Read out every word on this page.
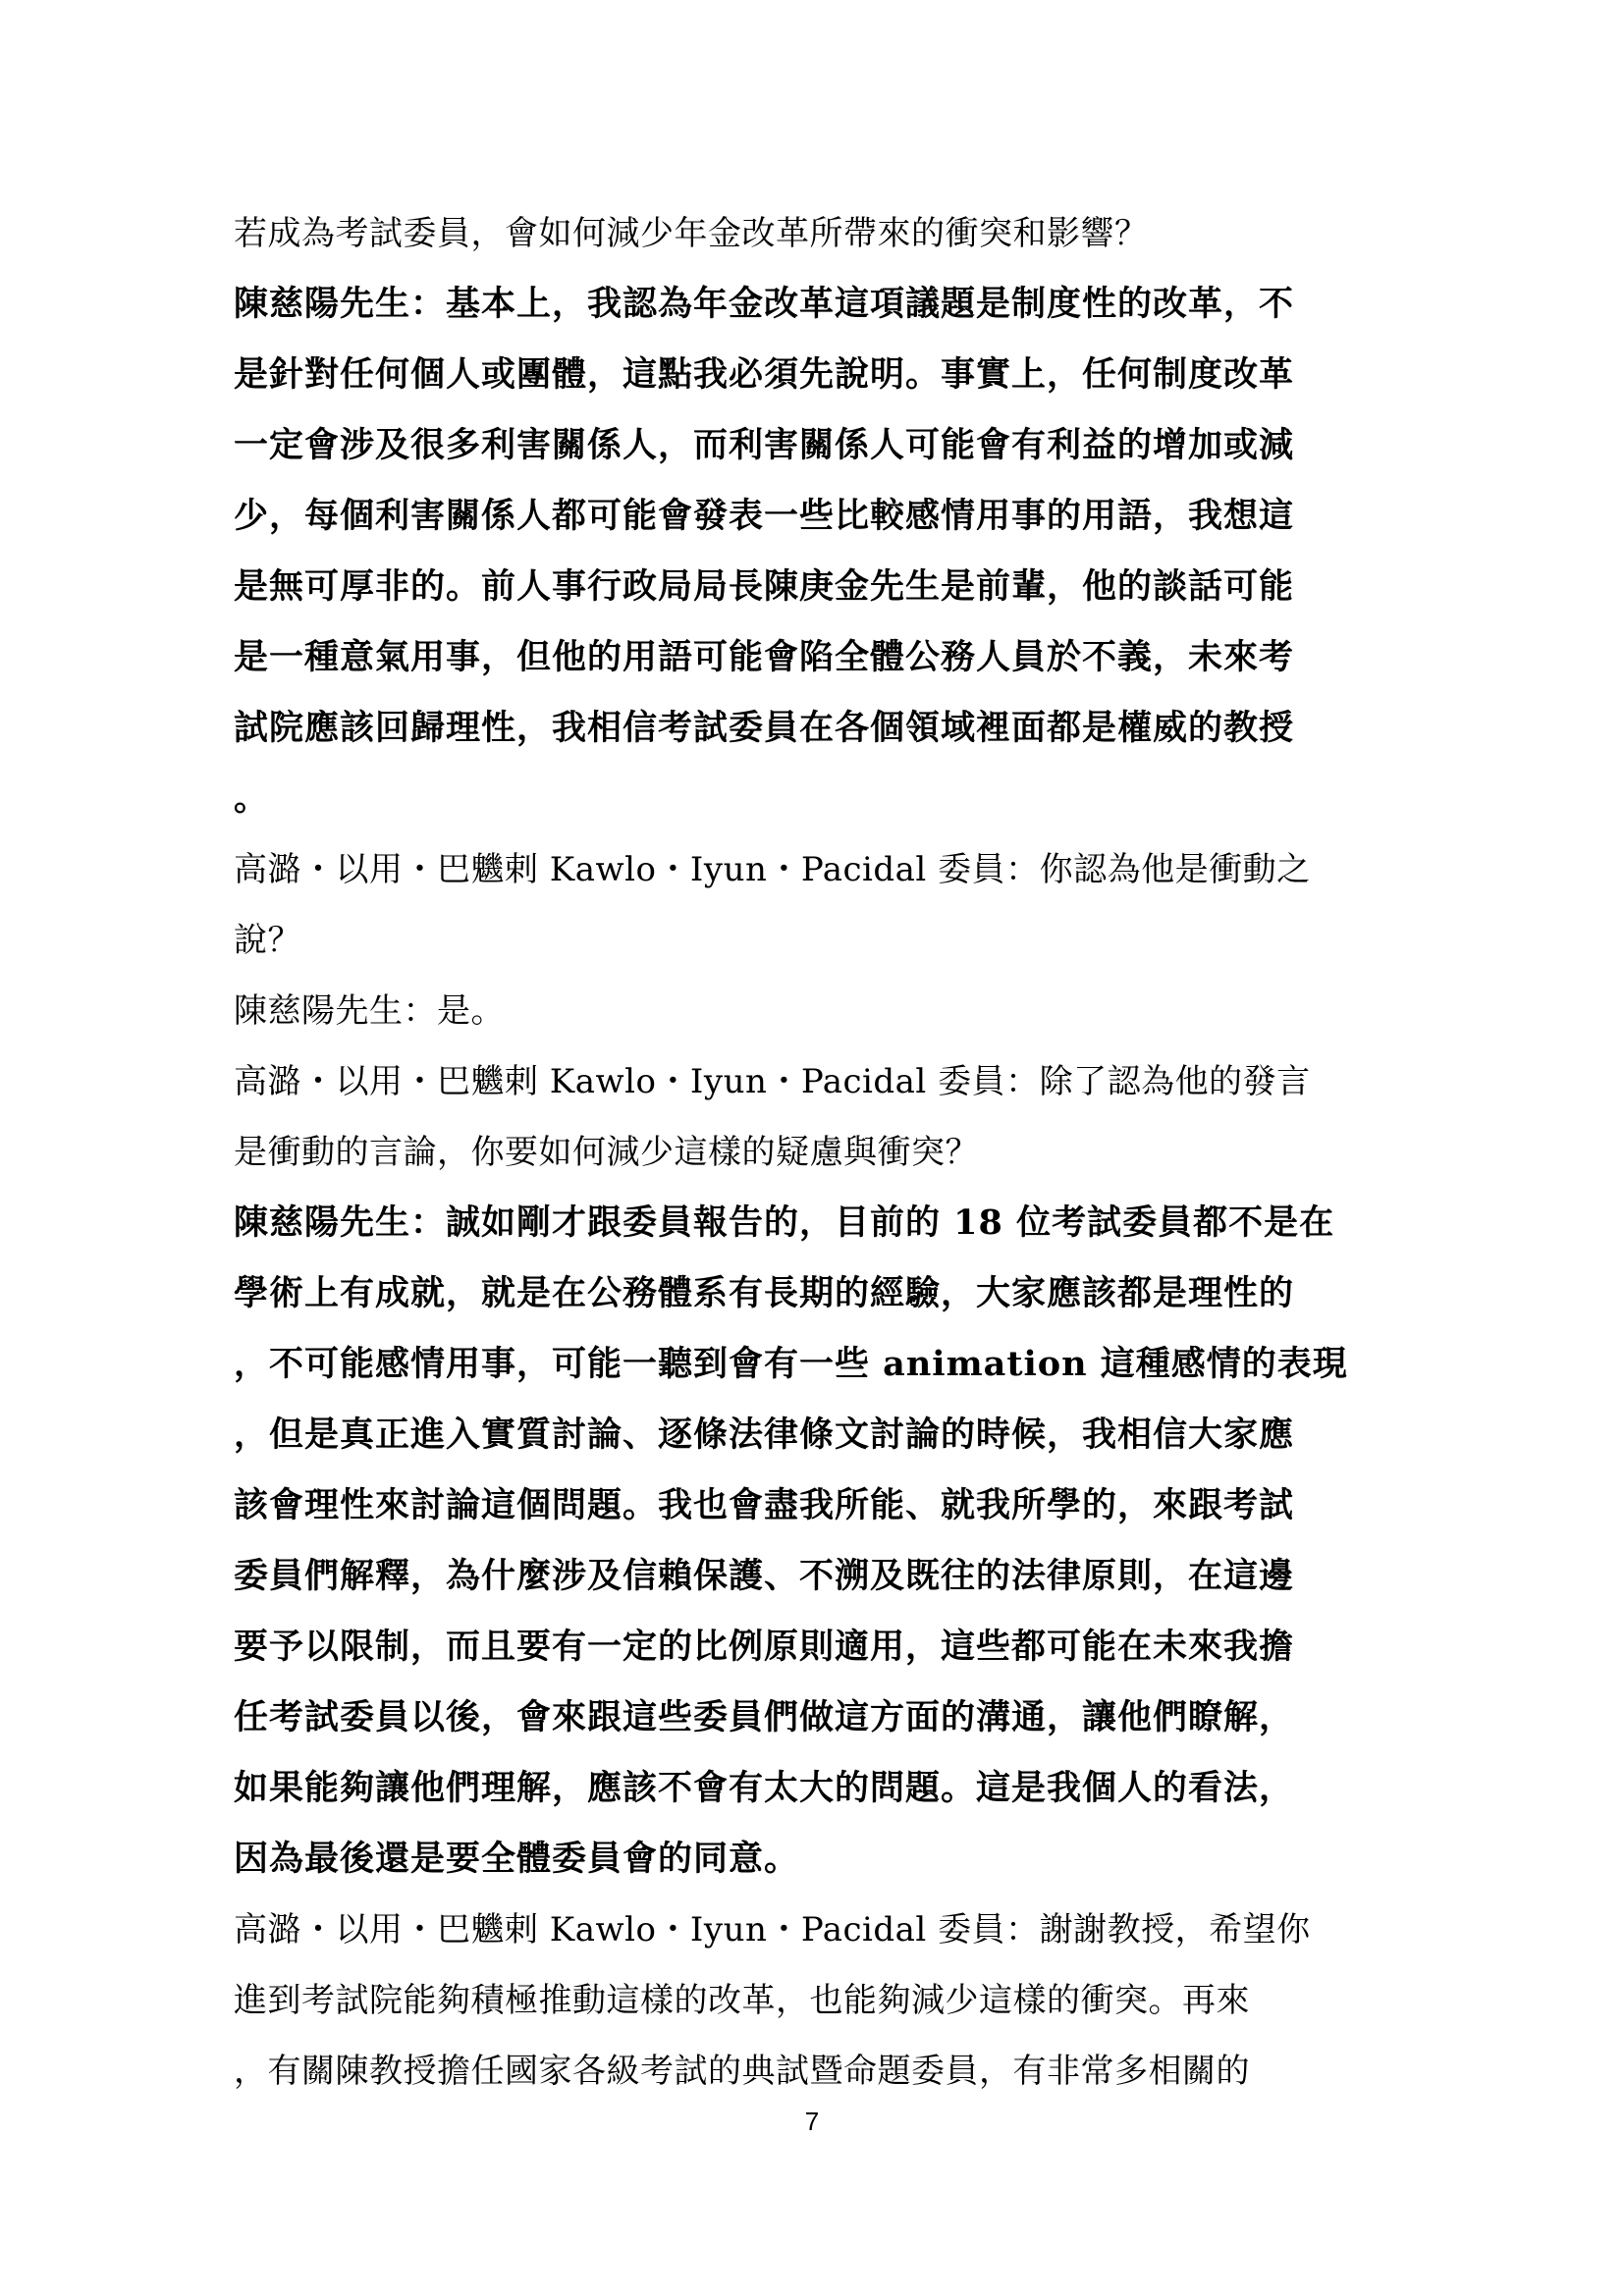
若成為考試委員，會如何減少年金改革所帶來的衝突和影響？
陳慈陽先生：基本上，我認為年金改革這項議題是制度性的改革，不
是針對任何個人或團體，這點我必須先說明。事實上，任何制度改革
一定會涉及很多利害關係人，而利害關係人可能會有利益的增加或減
少，每個利害關係人都可能會發表一些比較感情用事的用語，我想這
是無可厚非的。前人事行政局局長陳庚金先生是前輩，他的談話可能
是一種意氣用事，但他的用語可能會陷全體公務人員於不義，未來考
試院應該回歸理性，我相信考試委員在各個領域裡面都是權威的教授
。
高潞・以用・巴魕剌 Kawlo・Iyun・Pacidal 委員：你認為他是衝動之
說？
陳慈陽先生：是。
高潞・以用・巴魕剌 Kawlo・Iyun・Pacidal 委員：除了認為他的發言
是衝動的言論，你要如何減少這樣的疑慮與衝突？
陳慈陽先生：誠如剛才跟委員報告的，目前的 18 位考試委員都不是在
學術上有成就，就是在公務體系有長期的經驗，大家應該都是理性的
，不可能感情用事，可能一聽到會有一些 animation 這種感情的表現
，但是真正進入實質討論、逐條法律條文討論的時候，我相信大家應
該會理性來討論這個問題。我也會盡我所能、就我所學的，來跟考試
委員們解釋，為什麼涉及信賴保護、不溯及既往的法律原則，在這邊
要予以限制，而且要有一定的比例原則適用，這些都可能在未來我擔
任考試委員以後，會來跟這些委員們做這方面的溝通，讓他們瞭解，
如果能夠讓他們理解，應該不會有太大的問題。這是我個人的看法，
因為最後還是要全體委員會的同意。
高潞・以用・巴魕剌 Kawlo・Iyun・Pacidal 委員：謝謝教授，希望你
進到考試院能夠積極推動這樣的改革，也能夠減少這樣的衝突。再來
，有關陳教授擔任國家各級考試的典試暨命題委員，有非常多相關的
7
